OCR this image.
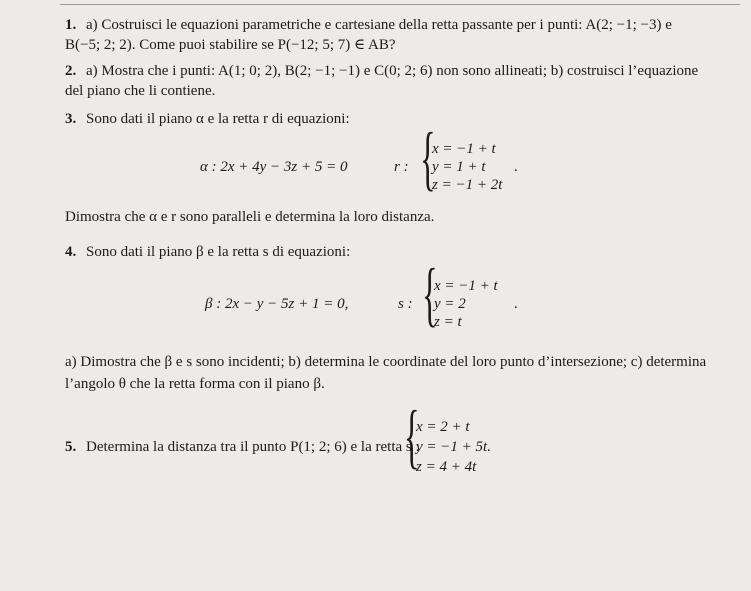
1. a) Costruisci le equazioni parametriche e cartesiane della retta passante per i punti: A(2; −1; −3) e
B(−5; 2; 2). Come puoi stabilire se P(−12; 5; 7) ∈ AB?
2. a) Mostra che i punti: A(1; 0; 2), B(2; −1; −1) e C(0; 2; 6) non sono allineati; b) costruisci l’equazione
del piano che li contiene.
3. Sono dati il piano α e la retta r di equazioni:
α : 2x + 4y − 3z + 5 = 0	r : {
x = −1 + t
y = 1 + t
z = −1 + 2t
.
Dimostra che α e r sono paralleli e determina la loro distanza.
4. Sono dati il piano β e la retta s di equazioni:
β : 2x − y − 5z + 1 = 0,	s : {
x = −1 + t
y = 2
z = t
.
a) Dimostra che β e s sono incidenti; b) determina le coordinate del loro punto d’intersezione; c) determina
l’angolo θ che la retta forma con il piano β.
5. Determina la distanza tra il punto P(1; 2; 6) e la retta s :
{
x = 2 + t
y = −1 + 5t.
z = 4 + 4t
